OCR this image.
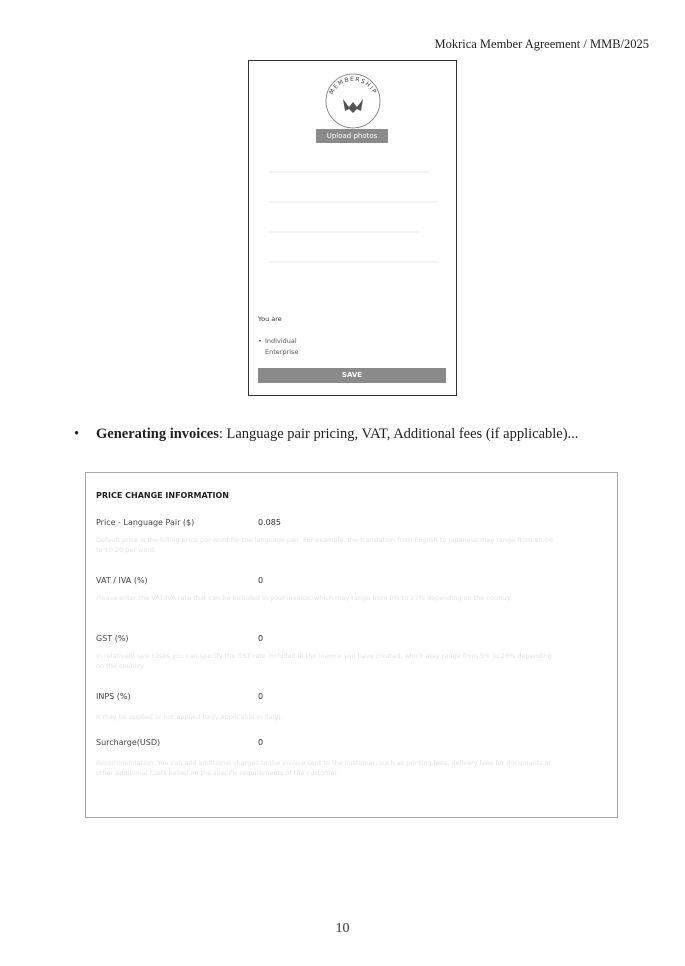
Mokrica Member Agreement / MMB/2025
MEMBERSHIP
Upload photos
You are
• Individual
Enterprise
SAVE
• Generating invoices: Language pair pricing, VAT, Additional fees (if applicable)...
PRICE CHANGE INFORMATION
Price - Language Pair ($)	0.085
Default price is the billing price per word for the language pair. For example, the translation from English to Japanese may range from $0.06 to $0.20 per word.
VAT / IVA (%)	0
Please enter the VAT/IVA rate that can be included in your invoice, which may range from 0% to 27% depending on the country.
GST (%)	0
In relatively rare cases you can specify the GST rate included in the invoice you have created, which may range from 5% to 28% depending on the country.
INPS (%)	0
It may be applied or not applied (only applicable in Italy).
Surcharge(USD)	0
Recommendation: You can add additional charges to the invoice sent to the customer, such as printing fees, delivery fees for documents or other additional costs based on the specific requirements of the customer.
10
